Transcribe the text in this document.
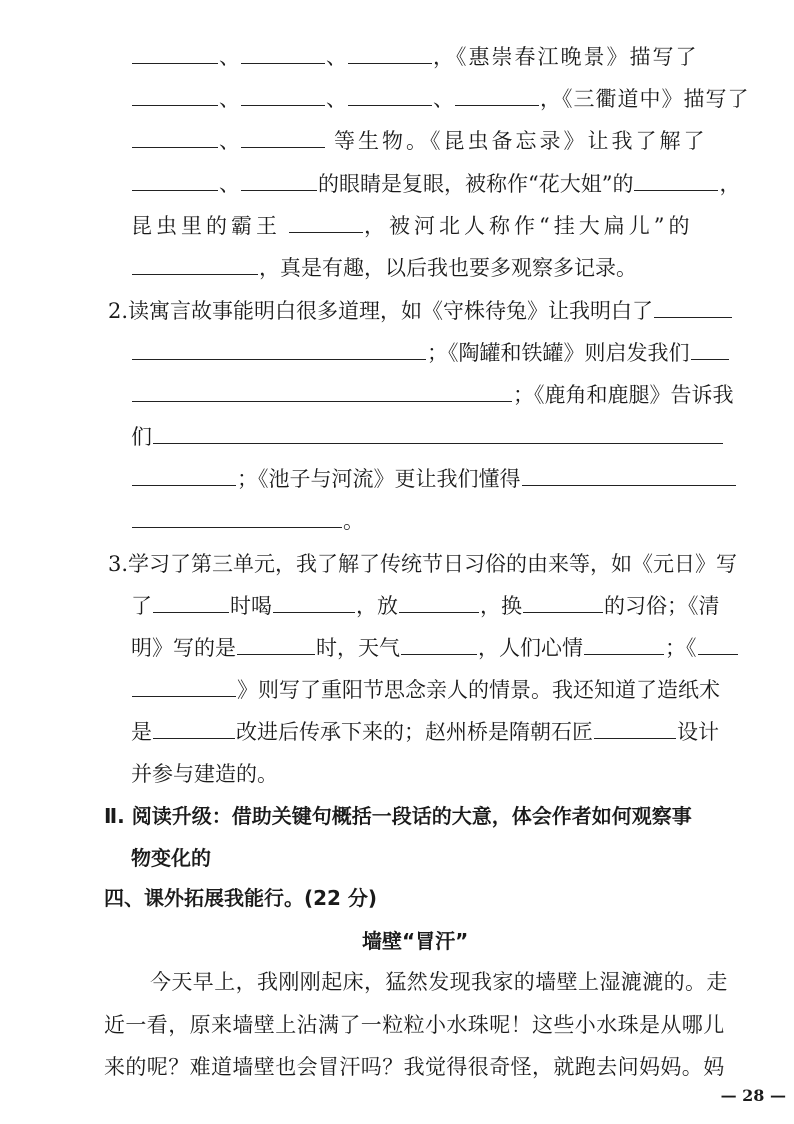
、	、	，《惠崇春江晚景》描写了
、	、	、	，《三衢道中》描写了
、	等生物。《昆虫备忘录》让我了解了
、	的眼睛是复眼，被称作“花大姐”的	，
昆虫里的霸王	，被河北人称作“挂大扁儿”的
，真是有趣，以后我也要多观察多记录。
2.读寓言故事能明白很多道理，如《守株待兔》让我明白了
；《陶罐和铁罐》则启发我们
；《鹿角和鹿腿》告诉我
们
；《池子与河流》更让我们懂得
。
3.学习了第三单元，我了解了传统节日习俗的由来等，如《元日》写
了	时喝	，放	，换	的习俗；《清
明》写的是	时，天气	，人们心情	；《
》则写了重阳节思念亲人的情景。我还知道了造纸术
是	改进后传承下来的；赵州桥是隋朝石匠	设计
并参与建造的。
Ⅱ. 阅读升级：借助关键句概括一段话的大意，体会作者如何观察事
物变化的
四、课外拓展我能行。(22 分)
墙壁“冒汗”
今天早上，我刚刚起床，猛然发现我家的墙壁上湿漉漉的。走
近一看，原来墙壁上沾满了一粒粒小水珠呢！这些小水珠是从哪儿
来的呢？难道墙壁也会冒汗吗？我觉得很奇怪，就跑去问妈妈。妈
— 28 —
